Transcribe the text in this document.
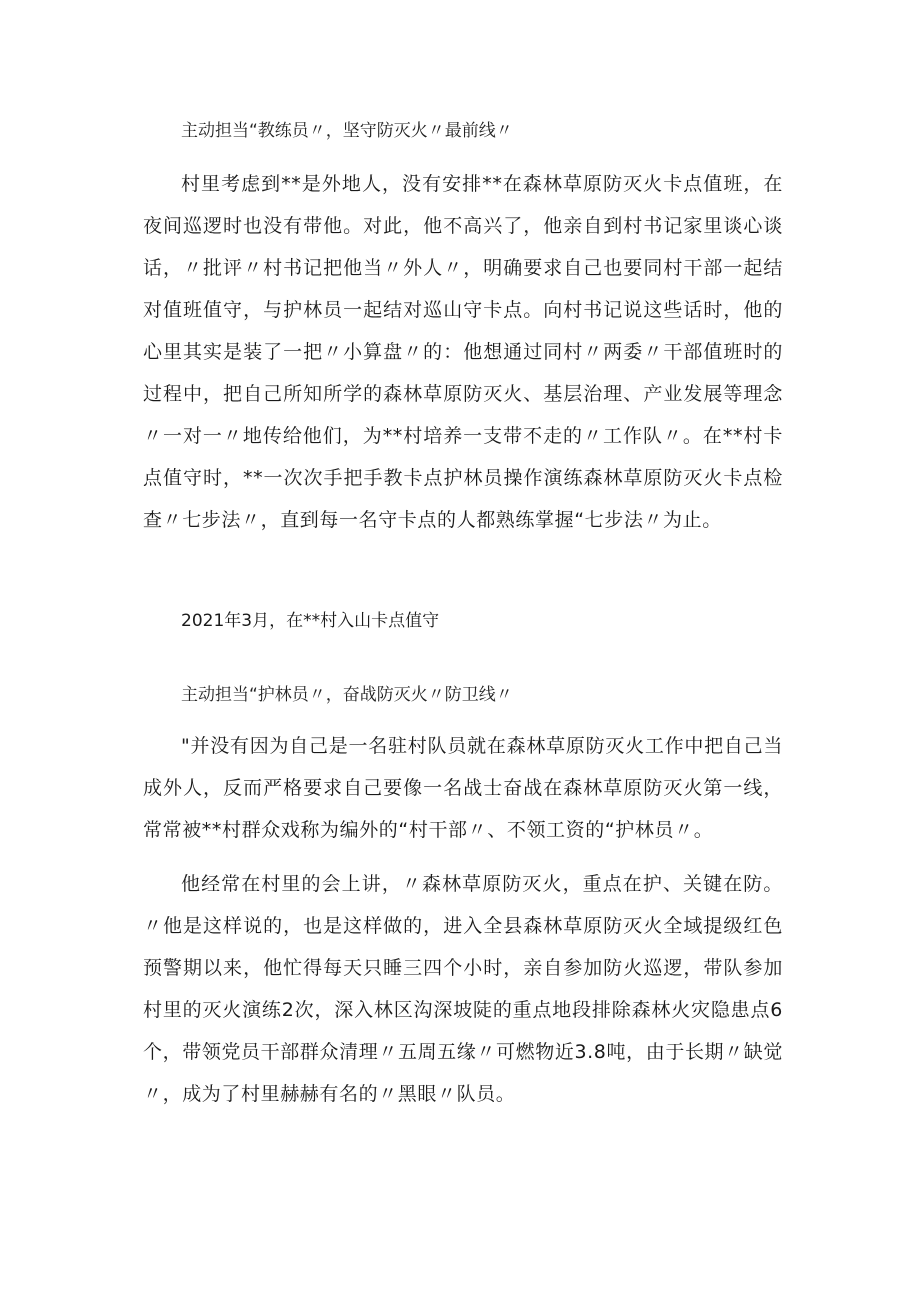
主动担当“教练员〃，坚守防灭火〃最前线〃

村里考虑到**是外地人，没有安排**在森林草原防灭火卡点值班，在夜间巡逻时也没有带他。对此，他不高兴了，他亲自到村书记家里谈心谈话，〃批评〃村书记把他当〃外人〃，明确要求自己也要同村干部一起结对值班值守，与护林员一起结对巡山守卡点。向村书记说这些话时，他的心里其实是装了一把〃小算盘〃的：他想通过同村〃两委〃干部值班时的过程中，把自己所知所学的森林草原防灭火、基层治理、产业发展等理念〃一对一〃地传给他们，为**村培养一支带不走的〃工作队〃。在**村卡点值守时，**一次次手把手教卡点护林员操作演练森林草原防灭火卡点检查〃七步法〃，直到每一名守卡点的人都熟练掌握“七步法〃为止。

2021年3月，在**村入山卡点值守
主动担当“护林员〃，奋战防灭火〃防卫线〃

"并没有因为自己是一名驻村队员就在森林草原防灭火工作中把自己当成外人，反而严格要求自己要像一名战士奋战在森林草原防灭火第一线，常常被**村群众戏称为编外的“村干部〃、不领工资的“护林员〃。

他经常在村里的会上讲，〃森林草原防灭火，重点在护、关键在防。〃他是这样说的，也是这样做的，进入全县森林草原防灭火全域提级红色预警期以来，他忙得每天只睡三四个小时，亲自参加防火巡逻，带队参加村里的灭火演练2次，深入林区沟深坡陡的重点地段排除森林火灾隐患点6个，带领党员干部群众清理〃五周五缘〃可燃物近3.8吨，由于长期〃缺觉〃，成为了村里赫赫有名的〃黑眼〃队员。
